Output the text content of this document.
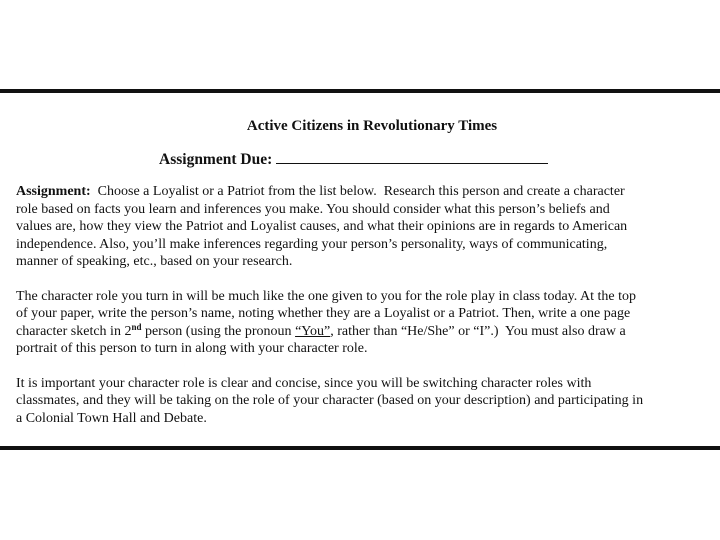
Active Citizens in Revolutionary Times
Assignment Due:

Assignment:  Choose a Loyalist or a Patriot from the list below.  Research this person and create a character
role based on facts you learn and inferences you make. You should consider what this person’s beliefs and
values are, how they view the Patriot and Loyalist causes, and what their opinions are in regards to American
independence. Also, you’ll make inferences regarding your person’s personality, ways of communicating,
manner of speaking, etc., based on your research.

The character role you turn in will be much like the one given to you for the role play in class today. At the top
of your paper, write the person’s name, noting whether they are a Loyalist or a Patriot. Then, write a one page
character sketch in 2nd person (using the pronoun “You”, rather than “He/She” or “I”.)  You must also draw a
portrait of this person to turn in along with your character role.

It is important your character role is clear and concise, since you will be switching character roles with
classmates, and they will be taking on the role of your character (based on your description) and participating in
a Colonial Town Hall and Debate.
